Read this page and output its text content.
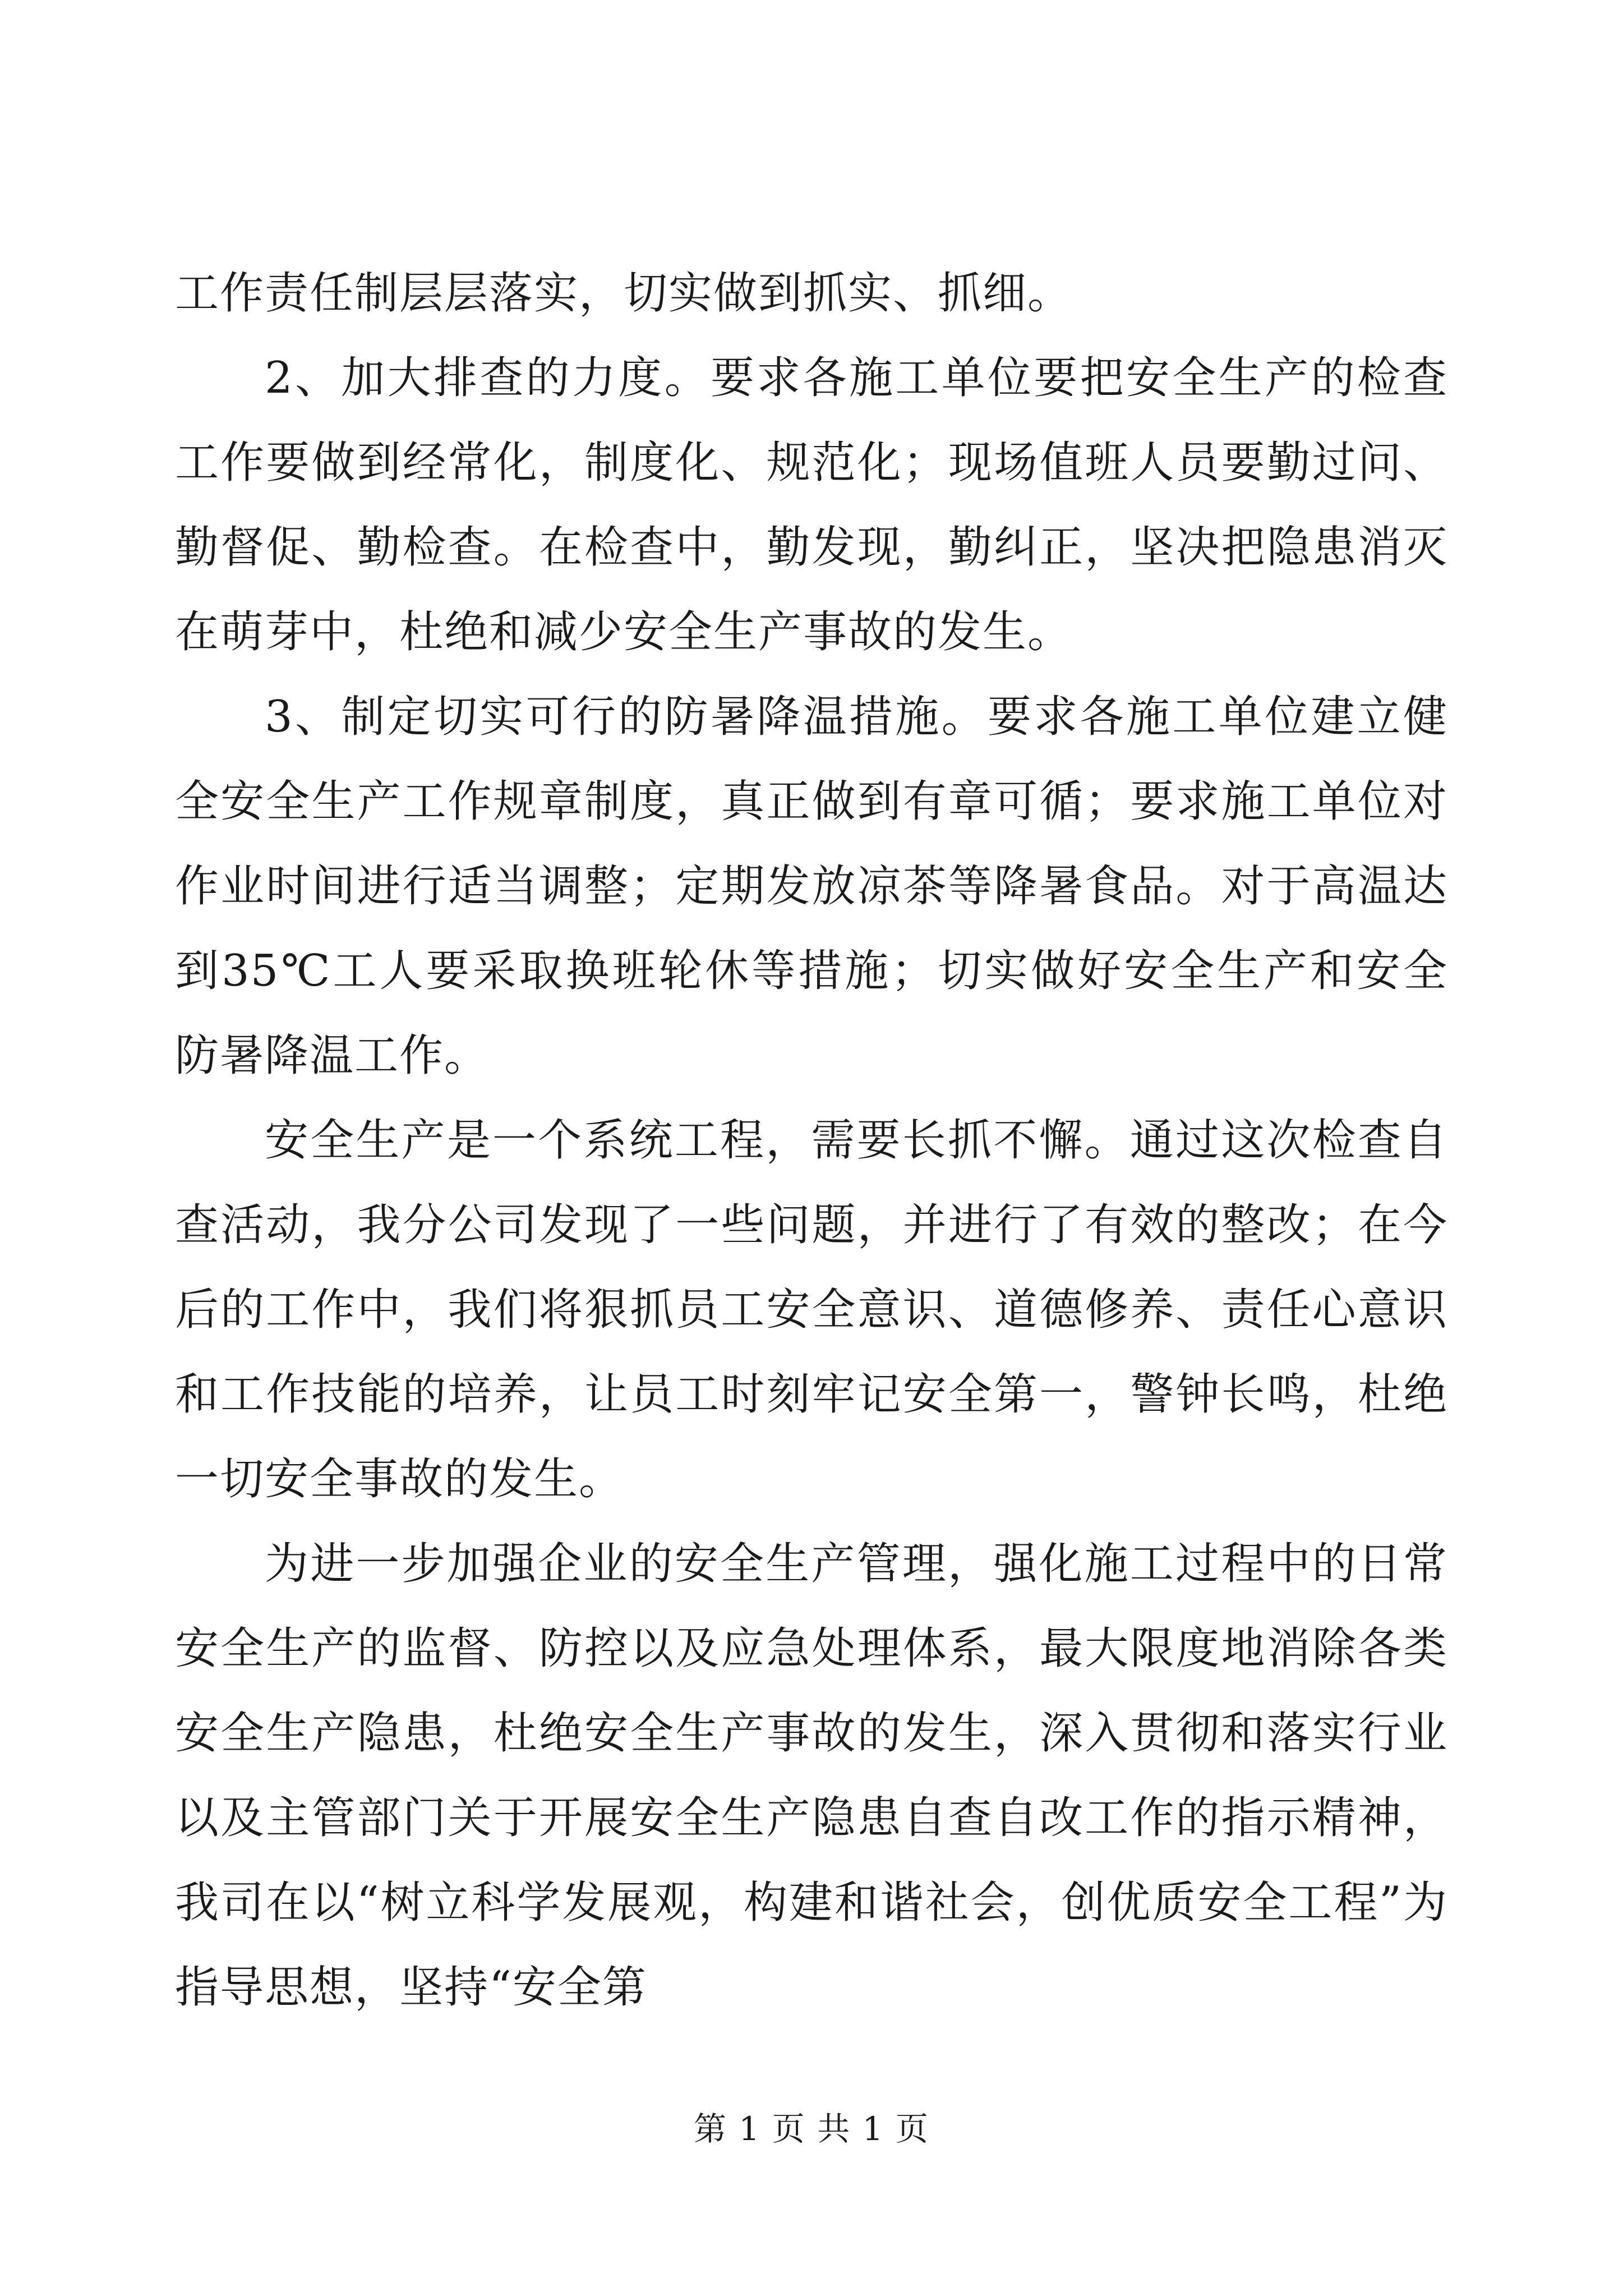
工作责任制层层落实，切实做到抓实、抓细。

2、加大排查的力度。要求各施工单位要把安全生产的检查工作要做到经常化，制度化、规范化；现场值班人员要勤过问、勤督促、勤检查。在检查中，勤发现，勤纠正，坚决把隐患消灭在萌芽中，杜绝和减少安全生产事故的发生。

3、制定切实可行的防暑降温措施。要求各施工单位建立健全安全生产工作规章制度，真正做到有章可循；要求施工单位对作业时间进行适当调整；定期发放凉茶等降暑食品。对于高温达到35℃工人要采取换班轮休等措施；切实做好安全生产和安全防暑降温工作。

安全生产是一个系统工程，需要长抓不懈。通过这次检查自查活动，我分公司发现了一些问题，并进行了有效的整改；在今后的工作中，我们将狠抓员工安全意识、道德修养、责任心意识和工作技能的培养，让员工时刻牢记安全第一，警钟长鸣，杜绝一切安全事故的发生。

为进一步加强企业的安全生产管理，强化施工过程中的日常安全生产的监督、防控以及应急处理体系，最大限度地消除各类安全生产隐患，杜绝安全生产事故的发生，深入贯彻和落实行业以及主管部门关于开展安全生产隐患自查自改工作的指示精神，我司在以“树立科学发展观，构建和谐社会，创优质安全工程”为指导思想，坚持“安全第

第 1 页 共 1 页
